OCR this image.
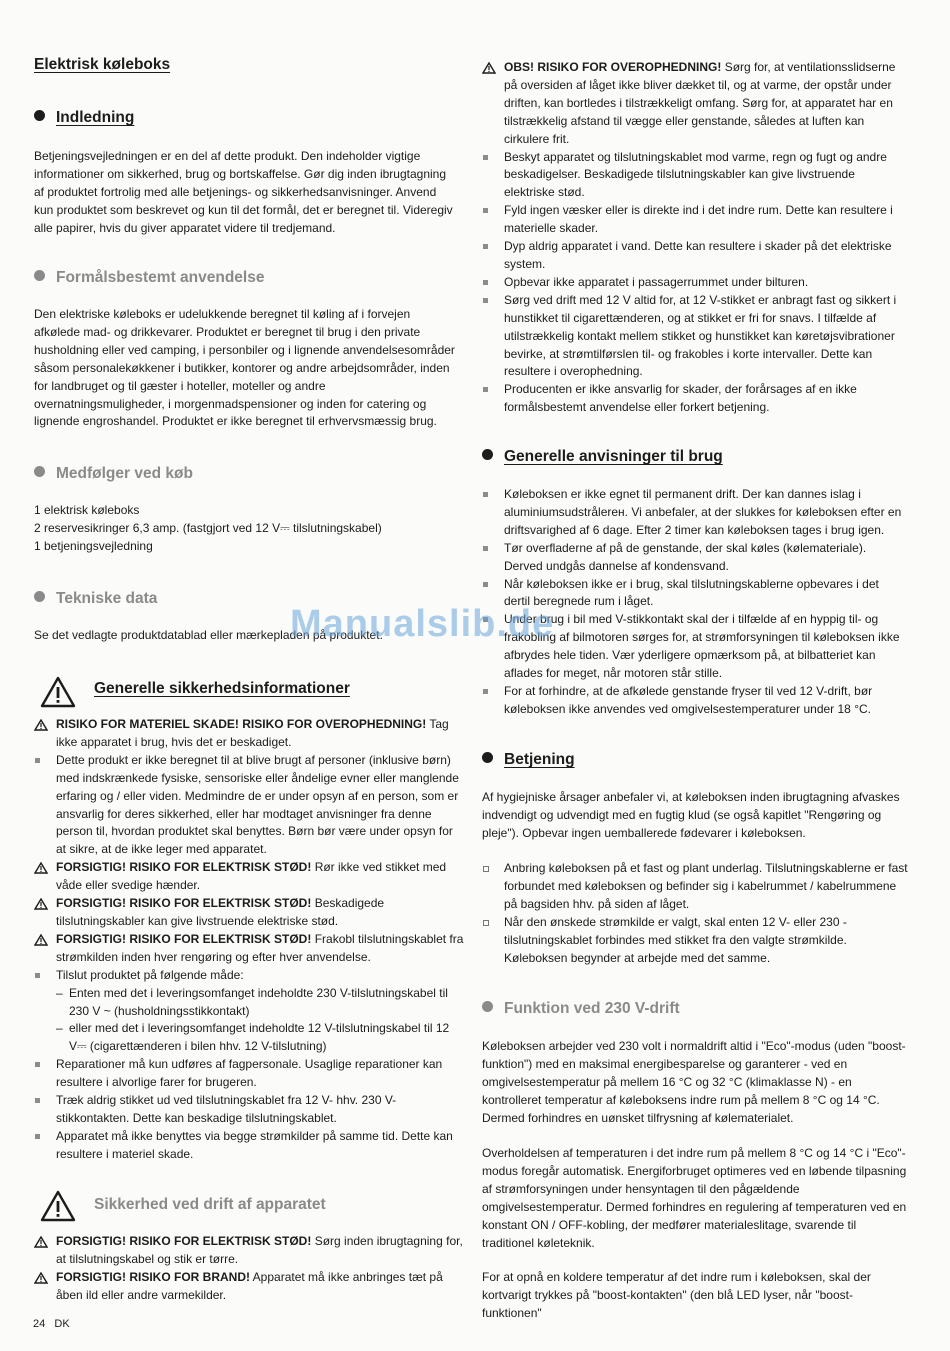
Elektrisk køleboks
Indledning

Betjeningsvejledningen er en del af dette produkt. Den indeholder vigtige informationer om sikkerhed, brug og bortskaffelse. Gør dig inden ibrugtagning af produktet fortrolig med alle betjenings- og sikkerhedsanvisninger. Anvend kun produktet som beskrevet og kun til det formål, det er beregnet til. Videregiv alle papirer, hvis du giver apparatet videre til tredjemand.

Formålsbestemt anvendelse

Den elektriske køleboks er udelukkende beregnet til køling af i forvejen afkølede mad- og drikkevarer. Produktet er beregnet til brug i den private husholdning eller ved camping, i personbiler og i lignende anvendelsesområder såsom personalekøkkener i butikker, kontorer og andre arbejdsområder, inden for landbruget og til gæster i hoteller, moteller og andre overnatningsmuligheder, i morgenmadspensioner og inden for catering og lignende engroshandel. Produktet er ikke beregnet til erhvervsmæssig brug.

Medfølger ved køb
1 elektrisk køleboks
2 reservesikringer 6,3 amp. (fastgjort ved 12 V⎓ tilslutningskabel)
1 betjeningsvejledning
Tekniske data

Se det vedlagte produktdatablad eller mærkepladen på produktet.

Generelle sikkerhedsinformationer
RISIKO FOR MATERIEL SKADE! RISIKO FOR OVEROPHEDNING! Tag ikke apparatet i brug, hvis det er beskadiget.
Dette produkt er ikke beregnet til at blive brugt af personer (inklusive børn) med indskrænkede fysiske, sensoriske eller åndelige evner eller manglende erfaring og / eller viden. Medmindre de er under opsyn af en person, som er ansvarlig for deres sikkerhed, eller har modtaget anvisninger fra denne person til, hvordan produktet skal benyttes. Børn bør være under opsyn for at sikre, at de ikke leger med apparatet.
FORSIGTIG! RISIKO FOR ELEKTRISK STØD! Rør ikke ved stikket med våde eller svedige hænder.
FORSIGTIG! RISIKO FOR ELEKTRISK STØD! Beskadigede tilslutningskabler kan give livstruende elektriske stød.
FORSIGTIG! RISIKO FOR ELEKTRISK STØD! Frakobl tilslutningskablet fra strømkilden inden hver rengøring og efter hver anvendelse.
Tilslut produktet på følgende måde:
– Enten med det i leveringsomfanget indeholdte 230 V-tilslutningskabel til 230 V ~ (husholdningsstikkontakt)
– eller med det i leveringsomfanget indeholdte 12 V-tilslutningskabel til 12 V⎓ (cigarettænderen i bilen hhv. 12 V-tilslutning)
Reparationer må kun udføres af fagpersonale. Usaglige reparationer kan resultere i alvorlige farer for brugeren.
Træk aldrig stikket ud ved tilslutningskablet fra 12 V- hhv. 230 V-stikkontakten. Dette kan beskadige tilslutningskablet.
Apparatet må ikke benyttes via begge strømkilder på samme tid. Dette kan resultere i materiel skade.
Sikkerhed ved drift af apparatet
FORSIGTIG! RISIKO FOR ELEKTRISK STØD! Sørg inden ibrugtagning for, at tilslutningskabel og stik er tørre.
FORSIGTIG! RISIKO FOR BRAND! Apparatet må ikke anbringes tæt på åben ild eller andre varmekilder.
OBS! RISIKO FOR OVEROPHEDNING! Sørg for, at ventilationsslidserne på oversiden af låget ikke bliver dækket til, og at varme, der opstår under driften, kan bortledes i tilstrækkeligt omfang. Sørg for, at apparatet har en tilstrækkelig afstand til vægge eller genstande, således at luften kan cirkulere frit.
Beskyt apparatet og tilslutningskablet mod varme, regn og fugt og andre beskadigelser. Beskadigede tilslutningskabler kan give livstruende elektriske stød.
Fyld ingen væsker eller is direkte ind i det indre rum. Dette kan resultere i materielle skader.
Dyp aldrig apparatet i vand. Dette kan resultere i skader på det elektriske system.
Opbevar ikke apparatet i passagerrummet under bilturen.
Sørg ved drift med 12 V altid for, at 12 V-stikket er anbragt fast og sikkert i hunstikket til cigarettænderen, og at stikket er fri for snavs. I tilfælde af utilstrækkelig kontakt mellem stikket og hunstikket kan køretøjsvibrationer bevirke, at strømtilførslen til- og frakobles i korte intervaller. Dette kan resultere i overophedning.
Producenten er ikke ansvarlig for skader, der forårsages af en ikke formålsbestemt anvendelse eller forkert betjening.
Generelle anvisninger til brug
Køleboksen er ikke egnet til permanent drift. Der kan dannes islag i aluminiumsudstrålerен. Vi anbefaler, at der slukkes for køleboksen efter en driftsvarighed af 6 dage. Efter 2 timer kan køleboksen tages i brug igen.
Tør overfladerne af på de genstande, der skal køles (kølemateriale). Derved undgås dannelse af kondensvand.
Når køleboksen ikke er i brug, skal tilslutningskablerne opbevares i det dertil beregnede rum i låget.
Under brug i bil med V-stikkontakt skal der i tilfælde af en hyppig til- og frakobling af bilmotoren sørges for, at strømforsyningen til køleboksen ikke afbrydes hele tiden. Vær yderligere opmærksom på, at bilbatteriet kan aflades for meget, når motoren står stille.
For at forhindre, at de afkølede genstande fryser til ved 12 V-drift, bør køleboksen ikke anvendes ved omgivelsestemperaturer under 18 °C.
Betjening

Af hygiejniske årsager anbefaler vi, at køleboksen inden ibrugtagning afvaskes indvendigt og udvendigt med en fugtig klud (se også kapitlet "Rengøring og pleje"). Opbevar ingen uemballerede fødevarer i køleboksen.

Anbring køleboksen på et fast og plant underlag. Tilslutningskablerne er fast forbundet med køleboksen og befinder sig i kabelrummet / kabelrummene på bagsiden hhv. på siden af låget.
Når den ønskede strømkilde er valgt, skal enten 12 V- eller 230 -tilslutningskablet forbindes med stikket fra den valgte strømkilde. Køleboksen begynder at arbejde med det samme.
Funktion ved 230 V-drift

Køleboksen arbejder ved 230 volt i normaldrift altid i "Eco"-modus (uden "boost-funktion") med en maksimal energibesparelse og garanterer - ved en omgivelsestemperatur på mellem 16 °C og 32 °C (klimaklasse N) - en kontrolleret temperatur af køleboksens indre rum på mellem 8 °C og 14 °C. Dermed forhindres en uønsket tilfrysning af kølematerialet.

Overholdelsen af temperaturen i det indre rum på mellem 8 °C og 14 °C i "Eco"-modus foregår automatisk. Energiforbruget optimeres ved en løbende tilpasning af strømforsyningen under hensyntagen til den pågældende omgivelsestemperatur. Dermed forhindres en regulering af temperaturen ved en konstant ON / OFF-kobling, der medfører materialeslitage, svarende til traditionel køleteknik.

For at opnå en koldere temperatur af det indre rum i køleboksen, skal der kortvarigt trykkes på "boost-kontakten" (den blå LED lyser, når "boost-funktionen"

Manualslib.de
24 DK
